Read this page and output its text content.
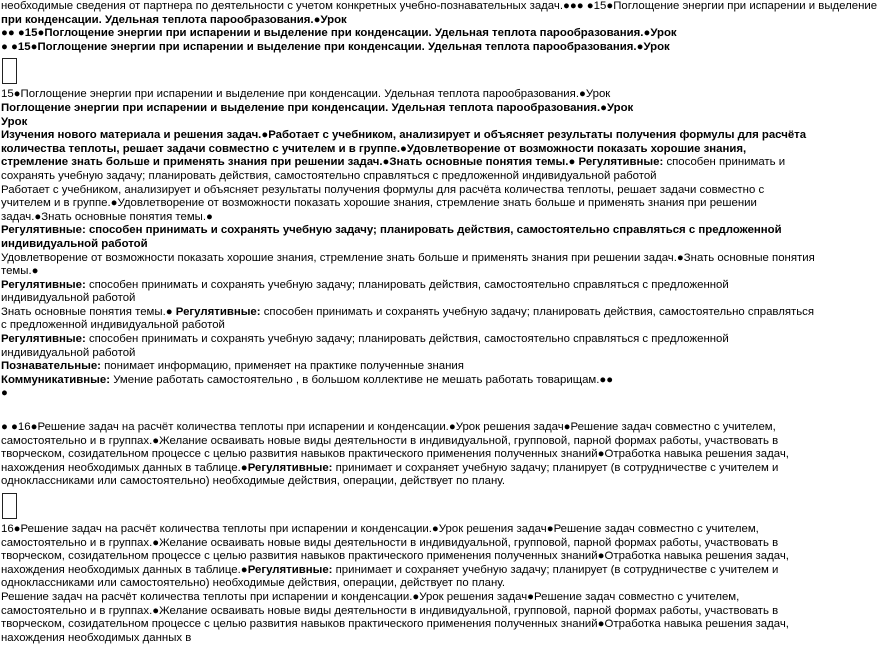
необходимые сведения от партнера по деятельности с учетом конкретных учебно-познавательных задач.●●● ●15●Поглощение энергии при испарении и выделение
при конденсации. Удельная теплота парообразования.●Урок
●● ●15●Поглощение энергии при испарении и выделение при конденсации. Удельная теплота парообразования.●Урок
● ●15●Поглощение энергии при испарении и выделение при конденсации. Удельная теплота парообразования.●Урок
15●Поглощение энергии при испарении и выделение при конденсации. Удельная теплота парообразования.●Урок
Поглощение энергии при испарении и выделение при конденсации. Удельная теплота парообразования.●Урок
Урок
Изучения нового материала и решения задач.●Работает с учебником, анализирует и объясняет результаты получения формулы для расчёта количества теплоты, решает задачи совместно с учителем и в группе.●Удовлетворение от возможности показать хорошие знания, стремление знать больше и применять знания при решении задач.●Знать основные понятия темы.● Регулятивные: способен принимать и сохранять учебную задачу; планировать действия, самостоятельно справляться с предложенной индивидуальной работой
Работает с учебником, анализирует и объясняет результаты получения формулы для расчёта количества теплоты, решает задачи совместно с учителем и в группе.●Удовлетворение от возможности показать хорошие знания, стремление знать больше и применять знания при решении задач.●Знать основные понятия темы.●
Регулятивные: способен принимать и сохранять учебную задачу; планировать действия, самостоятельно справляться с предложенной индивидуальной работой
Удовлетворение от возможности показать хорошие знания, стремление знать больше и применять знания при решении задач.●Знать основные понятия темы.●
Регулятивные: способен принимать и сохранять учебную задачу; планировать действия, самостоятельно справляться с предложенной индивидуальной работой
Знать основные понятия темы.● Регулятивные: способен принимать и сохранять учебную задачу; планировать действия, самостоятельно справляться с предложенной индивидуальной работой
Регулятивные: способен принимать и сохранять учебную задачу; планировать действия, самостоятельно справляться с предложенной индивидуальной работой
Познавательные: понимает информацию, применяет на практике полученные знания
Коммуникативные: Умение работать самостоятельно , в большом коллективе не мешать работать товарищам.●●
●
● ●16●Решение задач на расчёт количества теплоты при испарении и конденсации.●Урок решения задач●Решение задач совместно с учителем, самостоятельно и в группах.●Желание осваивать новые виды деятельности в индивидуальной, групповой, парной формах работы, участвовать в творческом, созидательном процессе с целью развития навыков практического применения полученных знаний●Отработка навыка решения задач, нахождения необходимых данных в таблице.●Регулятивные: принимает и сохраняет учебную задачу; планирует (в сотрудничестве с учителем и одноклассниками или самостоятельно) необходимые действия, операции, действует по плану.
16●Решение задач на расчёт количества теплоты при испарении и конденсации.●Урок решения задач●Решение задач совместно с учителем, самостоятельно и в группах.●Желание осваивать новые виды деятельности в индивидуальной, групповой, парной формах работы, участвовать в творческом, созидательном процессе с целью развития навыков практического применения полученных знаний●Отработка навыка решения задач, нахождения необходимых данных в таблице.●Регулятивные: принимает и сохраняет учебную задачу; планирует (в сотрудничестве с учителем и одноклассниками или самостоятельно) необходимые действия, операции, действует по плану.
Решение задач на расчёт количества теплоты при испарении и конденсации.●Урок решения задач●Решение задач совместно с учителем, самостоятельно и в группах.●Желание осваивать новые виды деятельности в индивидуальной, групповой, парной формах работы, участвовать в творческом, созидательном процессе с целью развития навыков практического применения полученных знаний●Отработка навыка решения задач, нахождения необходимых данных в
